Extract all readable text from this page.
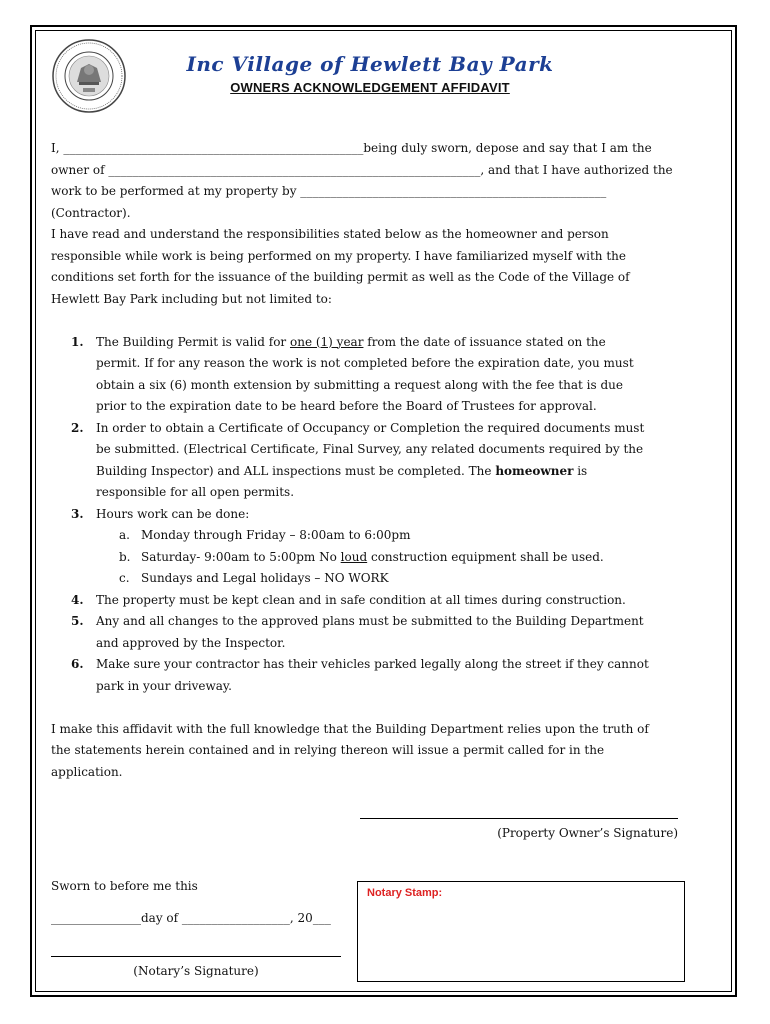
Inc Village of Hewlett Bay Park
OWNERS ACKNOWLEDGEMENT AFFIDAVIT
I, __________________________________________________being duly sworn, depose and say that I am the
owner of ______________________________________________________________, and that I have authorized the
work to be performed at my property by ___________________________________________________
(Contractor).
I have read and understand the responsibilities stated below as the homeowner and person
responsible while work is being performed on my property. I have familiarized myself with the
conditions set forth for the issuance of the building permit as well as the Code of the Village of
Hewlett Bay Park including but not limited to:
1. The Building Permit is valid for one (1) year from the date of issuance stated on the
permit. If for any reason the work is not completed before the expiration date, you must
obtain a six (6) month extension by submitting a request along with the fee that is due
prior to the expiration date to be heard before the Board of Trustees for approval.
2. In order to obtain a Certificate of Occupancy or Completion the required documents must
be submitted. (Electrical Certificate, Final Survey, any related documents required by the
Building Inspector) and ALL inspections must be completed. The homeowner is
responsible for all open permits.
3. Hours work can be done:
a. Monday through Friday – 8:00am to 6:00pm
b. Saturday- 9:00am to 5:00pm No loud construction equipment shall be used.
c. Sundays and Legal holidays – NO WORK
4. The property must be kept clean and in safe condition at all times during construction.
5. Any and all changes to the approved plans must be submitted to the Building Department
and approved by the Inspector.
6. Make sure your contractor has their vehicles parked legally along the street if they cannot
park in your driveway.
I make this affidavit with the full knowledge that the Building Department relies upon the truth of
the statements herein contained and in relying thereon will issue a permit called for in the
application.
(Property Owner’s Signature)
Sworn to before me this
_______________day of __________________, 20___
(Notary’s Signature)
Notary Stamp:
